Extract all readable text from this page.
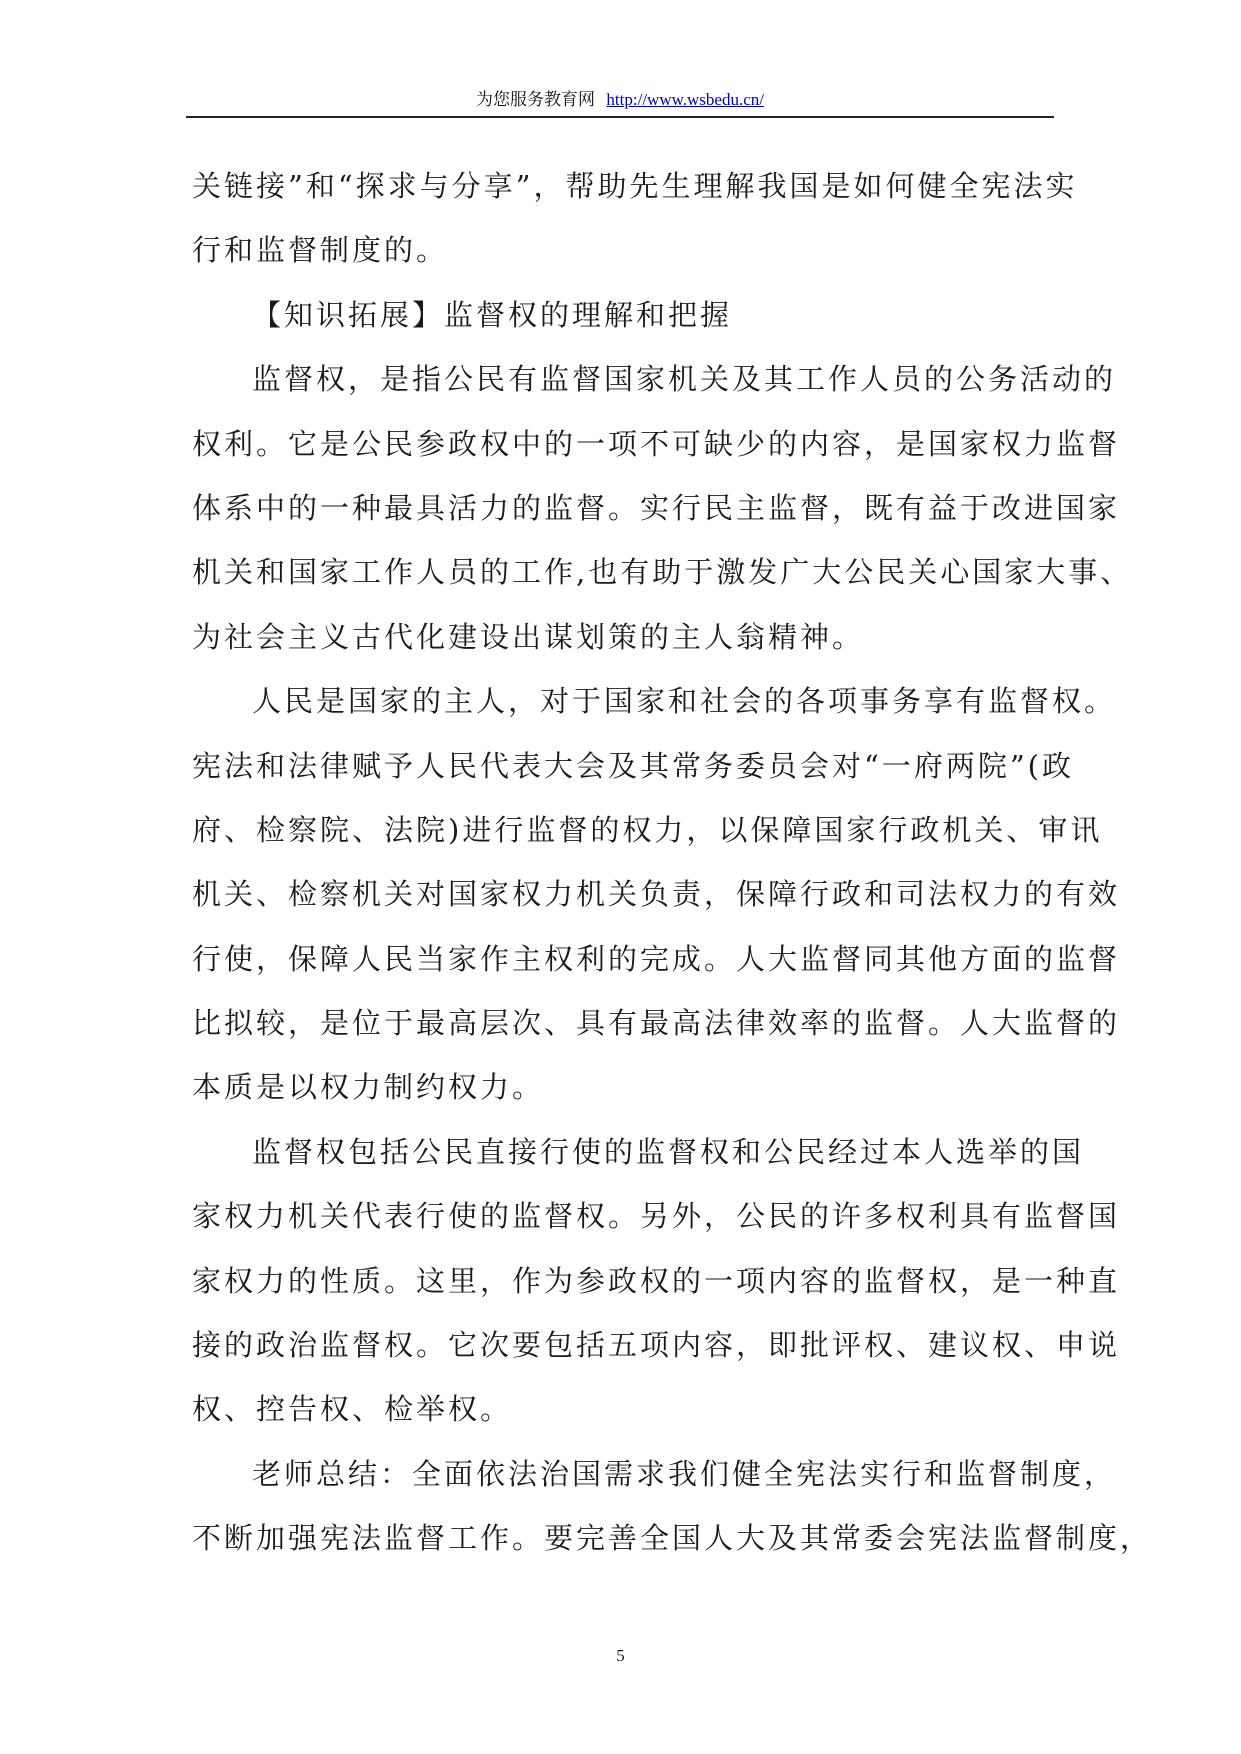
为您服务教育网 http://www.wsbedu.cn/
关链接”和“探求与分享”，帮助先生理解我国是如何健全宪法实
行和监督制度的。
【知识拓展】监督权的理解和把握
监督权，是指公民有监督国家机关及其工作人员的公务活动的
权利。它是公民参政权中的一项不可缺少的内容，是国家权力监督
体系中的一种最具活力的监督。实行民主监督，既有益于改进国家
机关和国家工作人员的工作,也有助于激发广大公民关心国家大事、
为社会主义古代化建设出谋划策的主人翁精神。
人民是国家的主人，对于国家和社会的各项事务享有监督权。
宪法和法律赋予人民代表大会及其常务委员会对“一府两院”(政
府、检察院、法院)进行监督的权力，以保障国家行政机关、审讯
机关、检察机关对国家权力机关负责，保障行政和司法权力的有效
行使，保障人民当家作主权利的完成。人大监督同其他方面的监督
比拟较，是位于最高层次、具有最高法律效率的监督。人大监督的
本质是以权力制约权力。
监督权包括公民直接行使的监督权和公民经过本人选举的国
家权力机关代表行使的监督权。另外，公民的许多权利具有监督国
家权力的性质。这里，作为参政权的一项内容的监督权，是一种直
接的政治监督权。它次要包括五项内容，即批评权、建议权、申说
权、控告权、检举权。
老师总结：全面依法治国需求我们健全宪法实行和监督制度，
不断加强宪法监督工作。要完善全国人大及其常委会宪法监督制度，
5
